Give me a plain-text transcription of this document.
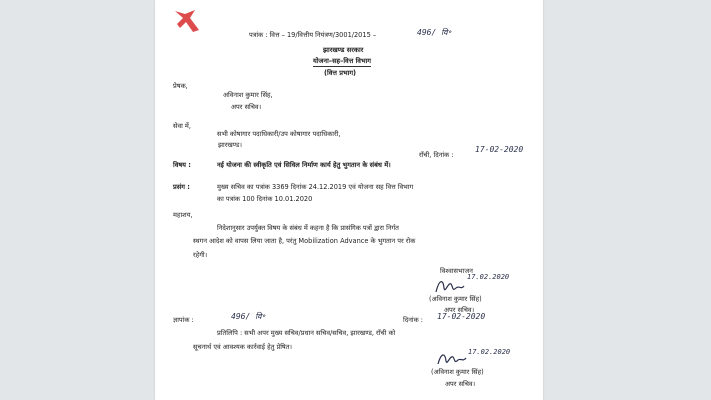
पत्रांक : वित्त – 19/वित्तीय नियंत्रण/3001/2015 –	496/ वि॰
झारखण्ड सरकार
योजना–सह–वित्त विभाग
(वित्त प्रभाग)
प्रेषक,
अविनाश कुमार सिंह,
अपर सचिव।
सेवा में,
सभी कोषागार पदाधिकारी/उप कोषागार पदाधिकारी,
झारखण्ड।
राँची, दिनांक :
17-02-2020
विषय :	नई योजना की स्वीकृति एवं सिविल निर्माण कार्य हेतु भुगतान के संबंध में।
प्रसंग :	मुख्य सचिव का पत्रांक 3369 दिनांक 24.12.2019 एवं योजना सह वित्त विभाग
का पत्रांक 100 दिनांक 10.01.2020
महाशय,
निदेशानुसार उपर्युक्त विषय के संबंध में कहना है कि प्रासंगिक पत्रों द्वारा निर्गत
स्थगन आदेश को वापस लिया जाता है, परंतु Mobilization Advance के भुगतान पर रोक
रहेगी।
विश्वासभाजन
17.02.2020
(अविनाश कुमार सिंह)
अपर सचिव।
ज्ञापांक :	496/ वि॰	दिनांक : 17-02-2020
प्रतिलिपि : सभी अपर मुख्य सचिव/प्रधान सचिव/सचिव, झारखण्ड, राँची को
सूचनार्थ एवं आवश्यक कार्रवाई हेतु प्रेषित।
17.02.2020
(अविनाश कुमार सिंह)
अपर सचिव।
